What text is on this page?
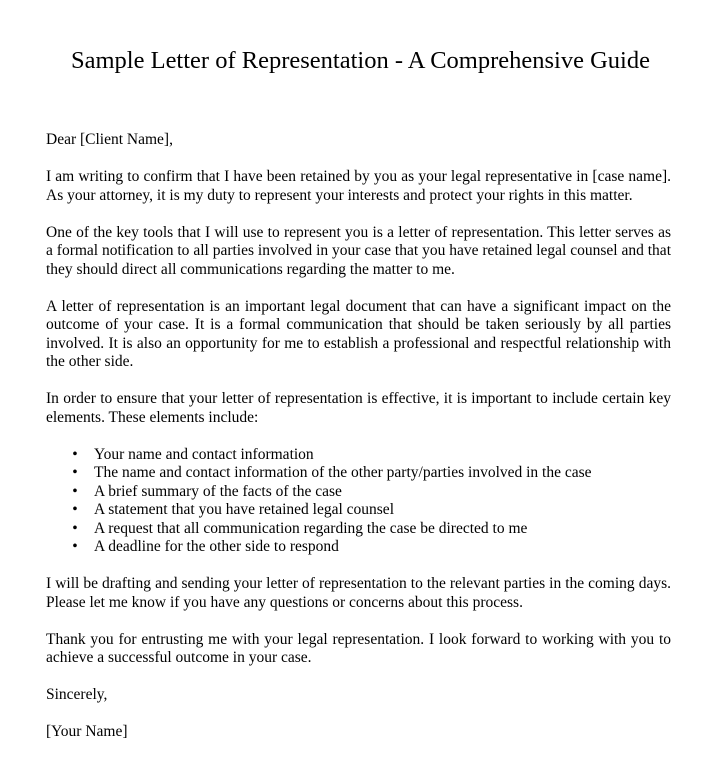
Sample Letter of Representation - A Comprehensive Guide

Dear [Client Name],

I am writing to confirm that I have been retained by you as your legal representative in [case name]. As your attorney, it is my duty to represent your interests and protect your rights in this matter.

One of the key tools that I will use to represent you is a letter of representation. This letter serves as a formal notification to all parties involved in your case that you have retained legal counsel and that they should direct all communications regarding the matter to me.

A letter of representation is an important legal document that can have a significant impact on the outcome of your case. It is a formal communication that should be taken seriously by all parties involved. It is also an opportunity for me to establish a professional and respectful relationship with the other side.

In order to ensure that your letter of representation is effective, it is important to include certain key elements. These elements include:

• Your name and contact information
• The name and contact information of the other party/parties involved in the case
• A brief summary of the facts of the case
• A statement that you have retained legal counsel
• A request that all communication regarding the case be directed to me
• A deadline for the other side to respond

I will be drafting and sending your letter of representation to the relevant parties in the coming days. Please let me know if you have any questions or concerns about this process.

Thank you for entrusting me with your legal representation. I look forward to working with you to achieve a successful outcome in your case.

Sincerely,

[Your Name]
